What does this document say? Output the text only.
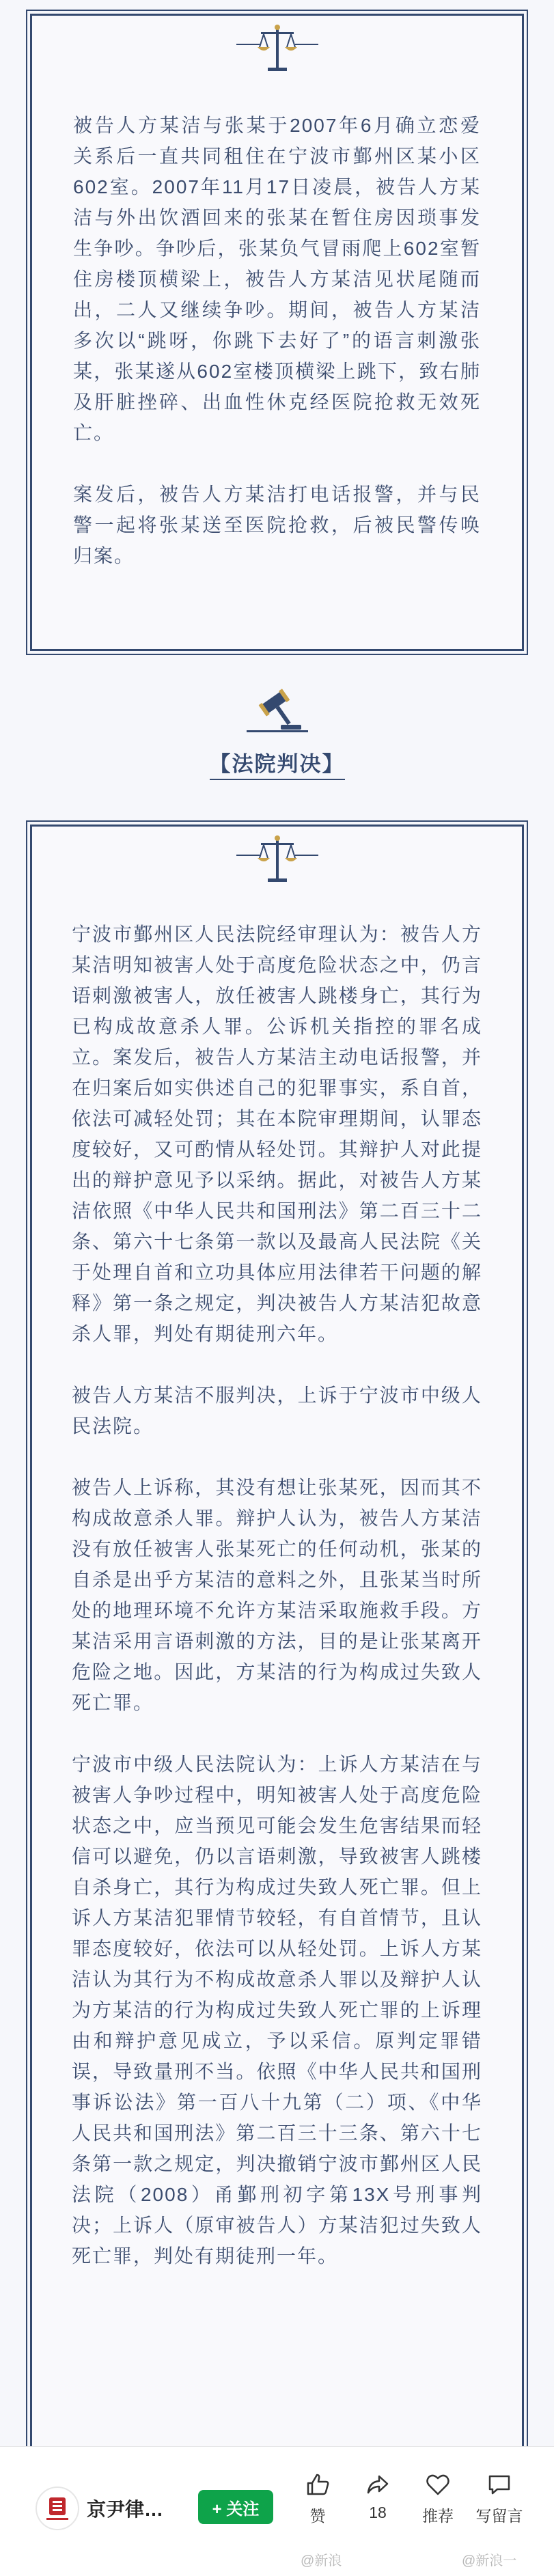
被告人方某洁与张某于2007年6月确立恋爱关系后一直共同租住在宁波市鄞州区某小区602室。2007年11月17日凌晨，被告人方某洁与外出饮酒回来的张某在暂住房因琐事发生争吵。争吵后，张某负气冒雨爬上602室暂住房楼顶横梁上，被告人方某洁见状尾随而出，二人又继续争吵。期间，被告人方某洁多次以“跳呀，你跳下去好了”的语言刺激张某，张某遂从602室楼顶横梁上跳下，致右肺及肝脏挫碎、出血性休克经医院抢救无效死亡。

案发后，被告人方某洁打电话报警，并与民警一起将张某送至医院抢救，后被民警传唤归案。

【法院判决】

宁波市鄞州区人民法院经审理认为：被告人方某洁明知被害人处于高度危险状态之中，仍言语刺激被害人，放任被害人跳楼身亡，其行为已构成故意杀人罪。公诉机关指控的罪名成立。案发后，被告人方某洁主动电话报警，并在归案后如实供述自己的犯罪事实，系自首，依法可减轻处罚；其在本院审理期间，认罪态度较好，又可酌情从轻处罚。其辩护人对此提出的辩护意见予以采纳。据此，对被告人方某洁依照《中华人民共和国刑法》第二百三十二条、第六十七条第一款以及最高人民法院《关于处理自首和立功具体应用法律若干问题的解释》第一条之规定，判决被告人方某洁犯故意杀人罪，判处有期徒刑六年。

被告人方某洁不服判决，上诉于宁波市中级人民法院。

被告人上诉称，其没有想让张某死，因而其不构成故意杀人罪。辩护人认为，被告人方某洁没有放任被害人张某死亡的任何动机，张某的自杀是出乎方某洁的意料之外，且张某当时所处的地理环境不允许方某洁采取施救手段。方某洁采用言语刺激的方法，目的是让张某离开危险之地。因此，方某洁的行为构成过失致人死亡罪。

宁波市中级人民法院认为：上诉人方某洁在与被害人争吵过程中，明知被害人处于高度危险状态之中，应当预见可能会发生危害结果而轻信可以避免，仍以言语刺激，导致被害人跳楼自杀身亡，其行为构成过失致人死亡罪。但上诉人方某洁犯罪情节较轻，有自首情节，且认罪态度较好，依法可以从轻处罚。上诉人方某洁认为其行为不构成故意杀人罪以及辩护人认为方某洁的行为构成过失致人死亡罪的上诉理由和辩护意见成立，予以采信。原判定罪错误，导致量刑不当。依照《中华人民共和国刑事诉讼法》第一百八十九第（二）项、《中华人民共和国刑法》第二百三十三条、第六十七条第一款之规定，判决撤销宁波市鄞州区人民法院（2008）甬鄞刑初字第13X号刑事判决；上诉人（原审被告人）方某洁犯过失致人死亡罪，判处有期徒刑一年。

京尹律…	+ 关注	赞	18	推荐	写留言
@新浪	@新浪一
